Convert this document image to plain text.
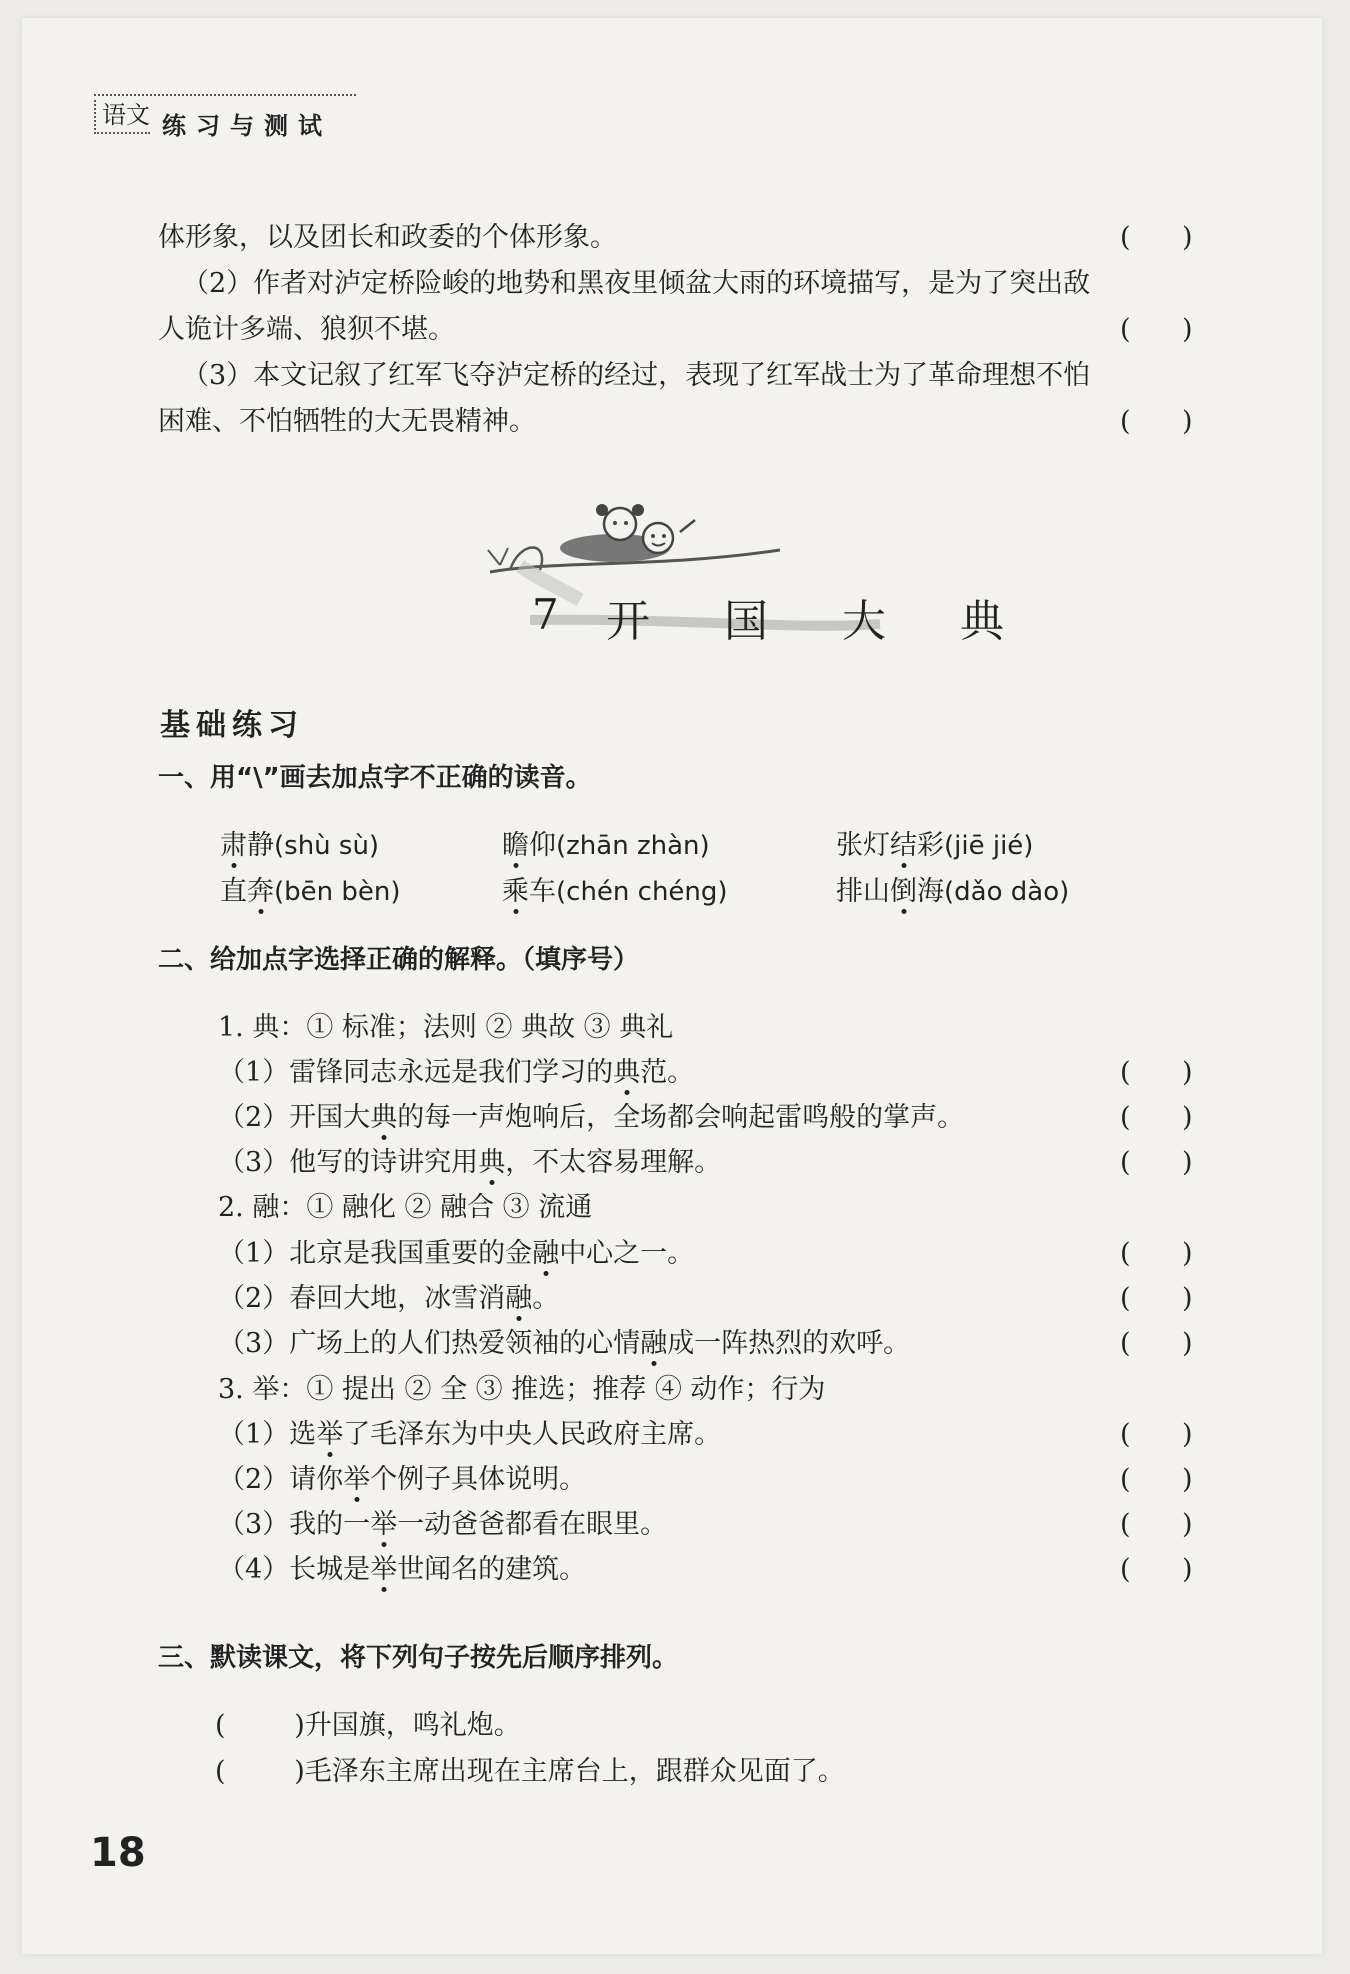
语文 练习与测试
体形象，以及团长和政委的个体形象。	(      )
（2）作者对泸定桥险峻的地势和黑夜里倾盆大雨的环境描写，是为了突出敌
人诡计多端、狼狈不堪。	(      )
（3）本文记叙了红军飞夺泸定桥的经过，表现了红军战士为了革命理想不怕
困难、不怕牺牲的大无畏精神。	(      )
7 开 国 大 典
基础练习
一、用“\”画去加点字不正确的读音。
肃静(shù sù)	瞻仰(zhān zhàn)	张灯结彩(jiē jié)
直奔(bēn bèn)	乘车(chén chéng)	排山倒海(dǎo dào)
二、给加点字选择正确的解释。（填序号）
1. 典：① 标准；法则 ② 典故 ③ 典礼
（1）雷锋同志永远是我们学习的典范。	(      )
（2）开国大典的每一声炮响后，全场都会响起雷鸣般的掌声。	(      )
（3）他写的诗讲究用典，不太容易理解。	(      )
2. 融：① 融化 ② 融合 ③ 流通
（1）北京是我国重要的金融中心之一。	(      )
（2）春回大地，冰雪消融。	(      )
（3）广场上的人们热爱领袖的心情融成一阵热烈的欢呼。	(      )
3. 举：① 提出 ② 全 ③ 推选；推荐 ④ 动作；行为
（1）选举了毛泽东为中央人民政府主席。	(      )
（2）请你举个例子具体说明。	(      )
（3）我的一举一动爸爸都看在眼里。	(      )
（4）长城是举世闻名的建筑。	(      )
三、默读课文，将下列句子按先后顺序排列。
(        )升国旗，鸣礼炮。
(        )毛泽东主席出现在主席台上，跟群众见面了。
18
